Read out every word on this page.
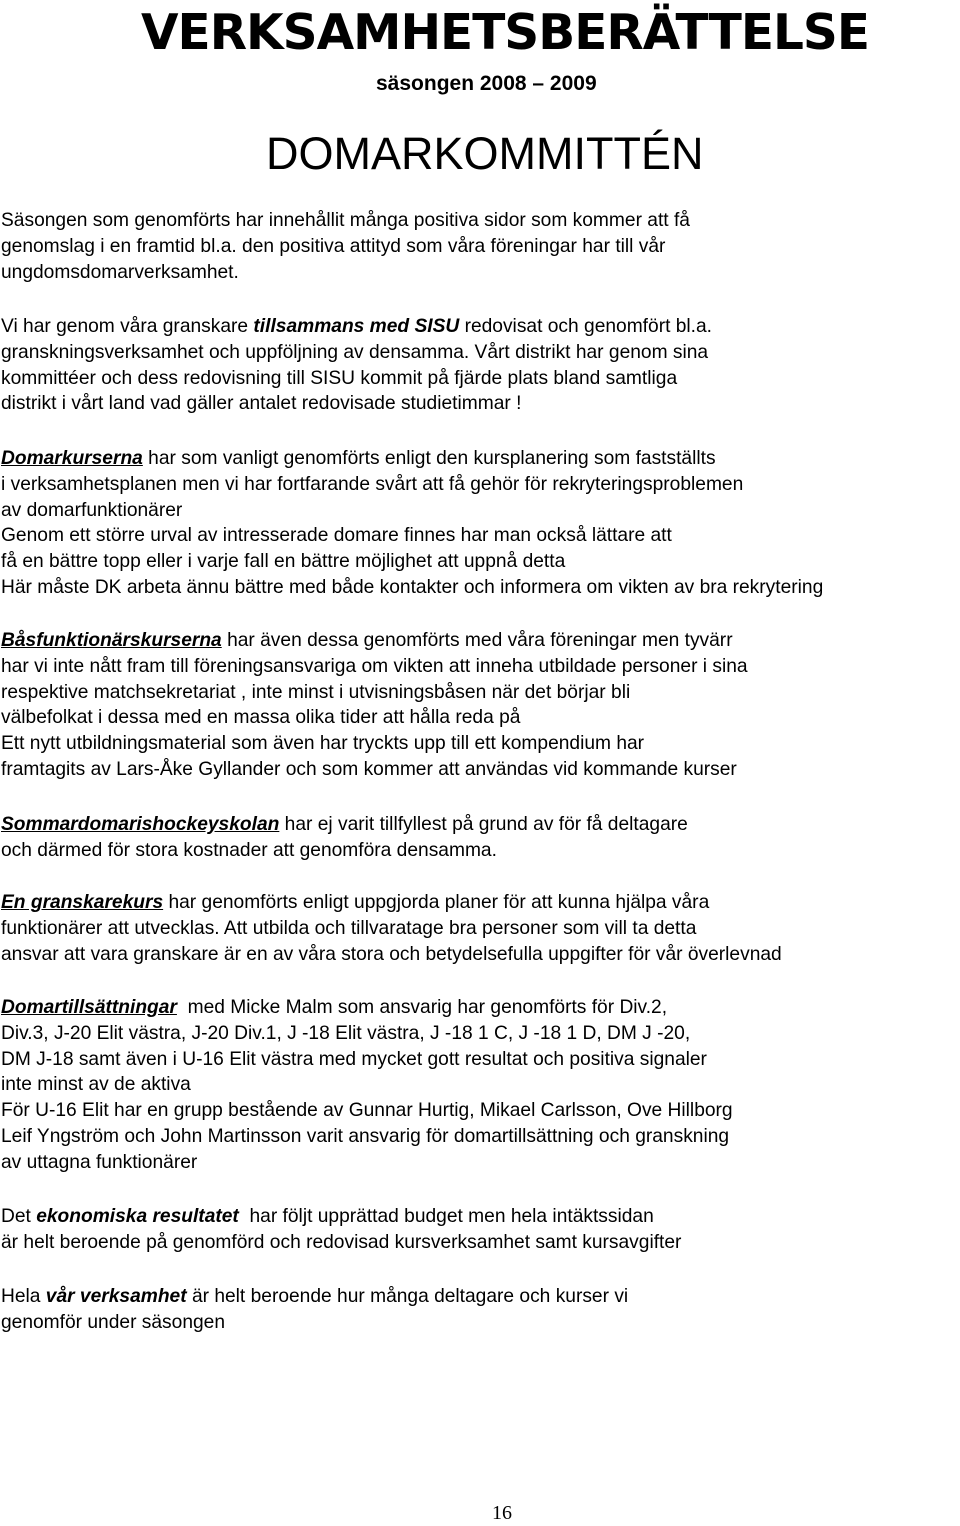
VERKSAMHETSBERÄTTELSE
säsongen 2008 – 2009
DOMARKOMMITTÉN
Säsongen som genomförts har innehållit många positiva sidor som kommer att få
genomslag i en framtid bl.a. den positiva attityd som våra föreningar har till vår
ungdomsdomarverksamhet.
Vi har genom våra granskare tillsammans med SISU redovisat och genomfört bl.a.
granskningsverksamhet och uppföljning av densamma. Vårt distrikt har genom sina
kommittéer och dess redovisning till SISU kommit på fjärde plats bland samtliga
distrikt i vårt land vad gäller antalet redovisade studietimmar !
Domarkurserna har som vanligt genomförts enligt den kursplanering som fastställts
i verksamhetsplanen men vi har fortfarande svårt att få gehör för rekryteringsproblemen
av domarfunktionärer
Genom ett större urval av intresserade domare finnes har man också lättare att
få en bättre topp eller i varje fall en bättre möjlighet att uppnå detta
Här måste DK arbeta ännu bättre med både kontakter och informera om vikten av bra rekrytering
Båsfunktionärskurserna har även dessa genomförts med våra föreningar men tyvärr
har vi inte nått fram till föreningsansvariga om vikten att inneha utbildade personer i sina
respektive matchsekretariat , inte minst i utvisningsbåsen när det börjar bli
välbefolkat i dessa med en massa olika tider att hålla reda på
Ett nytt utbildningsmaterial som även har tryckts upp till ett kompendium har
framtagits av Lars-Åke Gyllander och som kommer att användas vid kommande kurser
Sommardomarishockeyskolan har ej varit tillfyllest på grund av för få deltagare
och därmed för stora kostnader att genomföra densamma.
En granskarekurs har genomförts enligt uppgjorda planer för att kunna hjälpa våra
funktionärer att utvecklas. Att utbilda och tillvaratage bra personer som vill ta detta
ansvar att vara granskare är en av våra stora och betydelsefulla uppgifter för vår överlevnad
Domartillsättningar  med Micke Malm som ansvarig har genomförts för Div.2,
Div.3, J-20 Elit västra, J-20 Div.1, J -18 Elit västra, J -18 1 C, J -18 1 D, DM J -20,
DM J-18 samt även i U-16 Elit västra med mycket gott resultat och positiva signaler
inte minst av de aktiva
För U-16 Elit har en grupp bestående av Gunnar Hurtig, Mikael Carlsson, Ove Hillborg
Leif Yngström och John Martinsson varit ansvarig för domartillsättning och granskning
av uttagna funktionärer
Det ekonomiska resultatet  har följt upprättad budget men hela intäktssidan
är helt beroende på genomförd och redovisad kursverksamhet samt kursavgifter
Hela vår verksamhet är helt beroende hur många deltagare och kurser vi
genomför under säsongen
16
